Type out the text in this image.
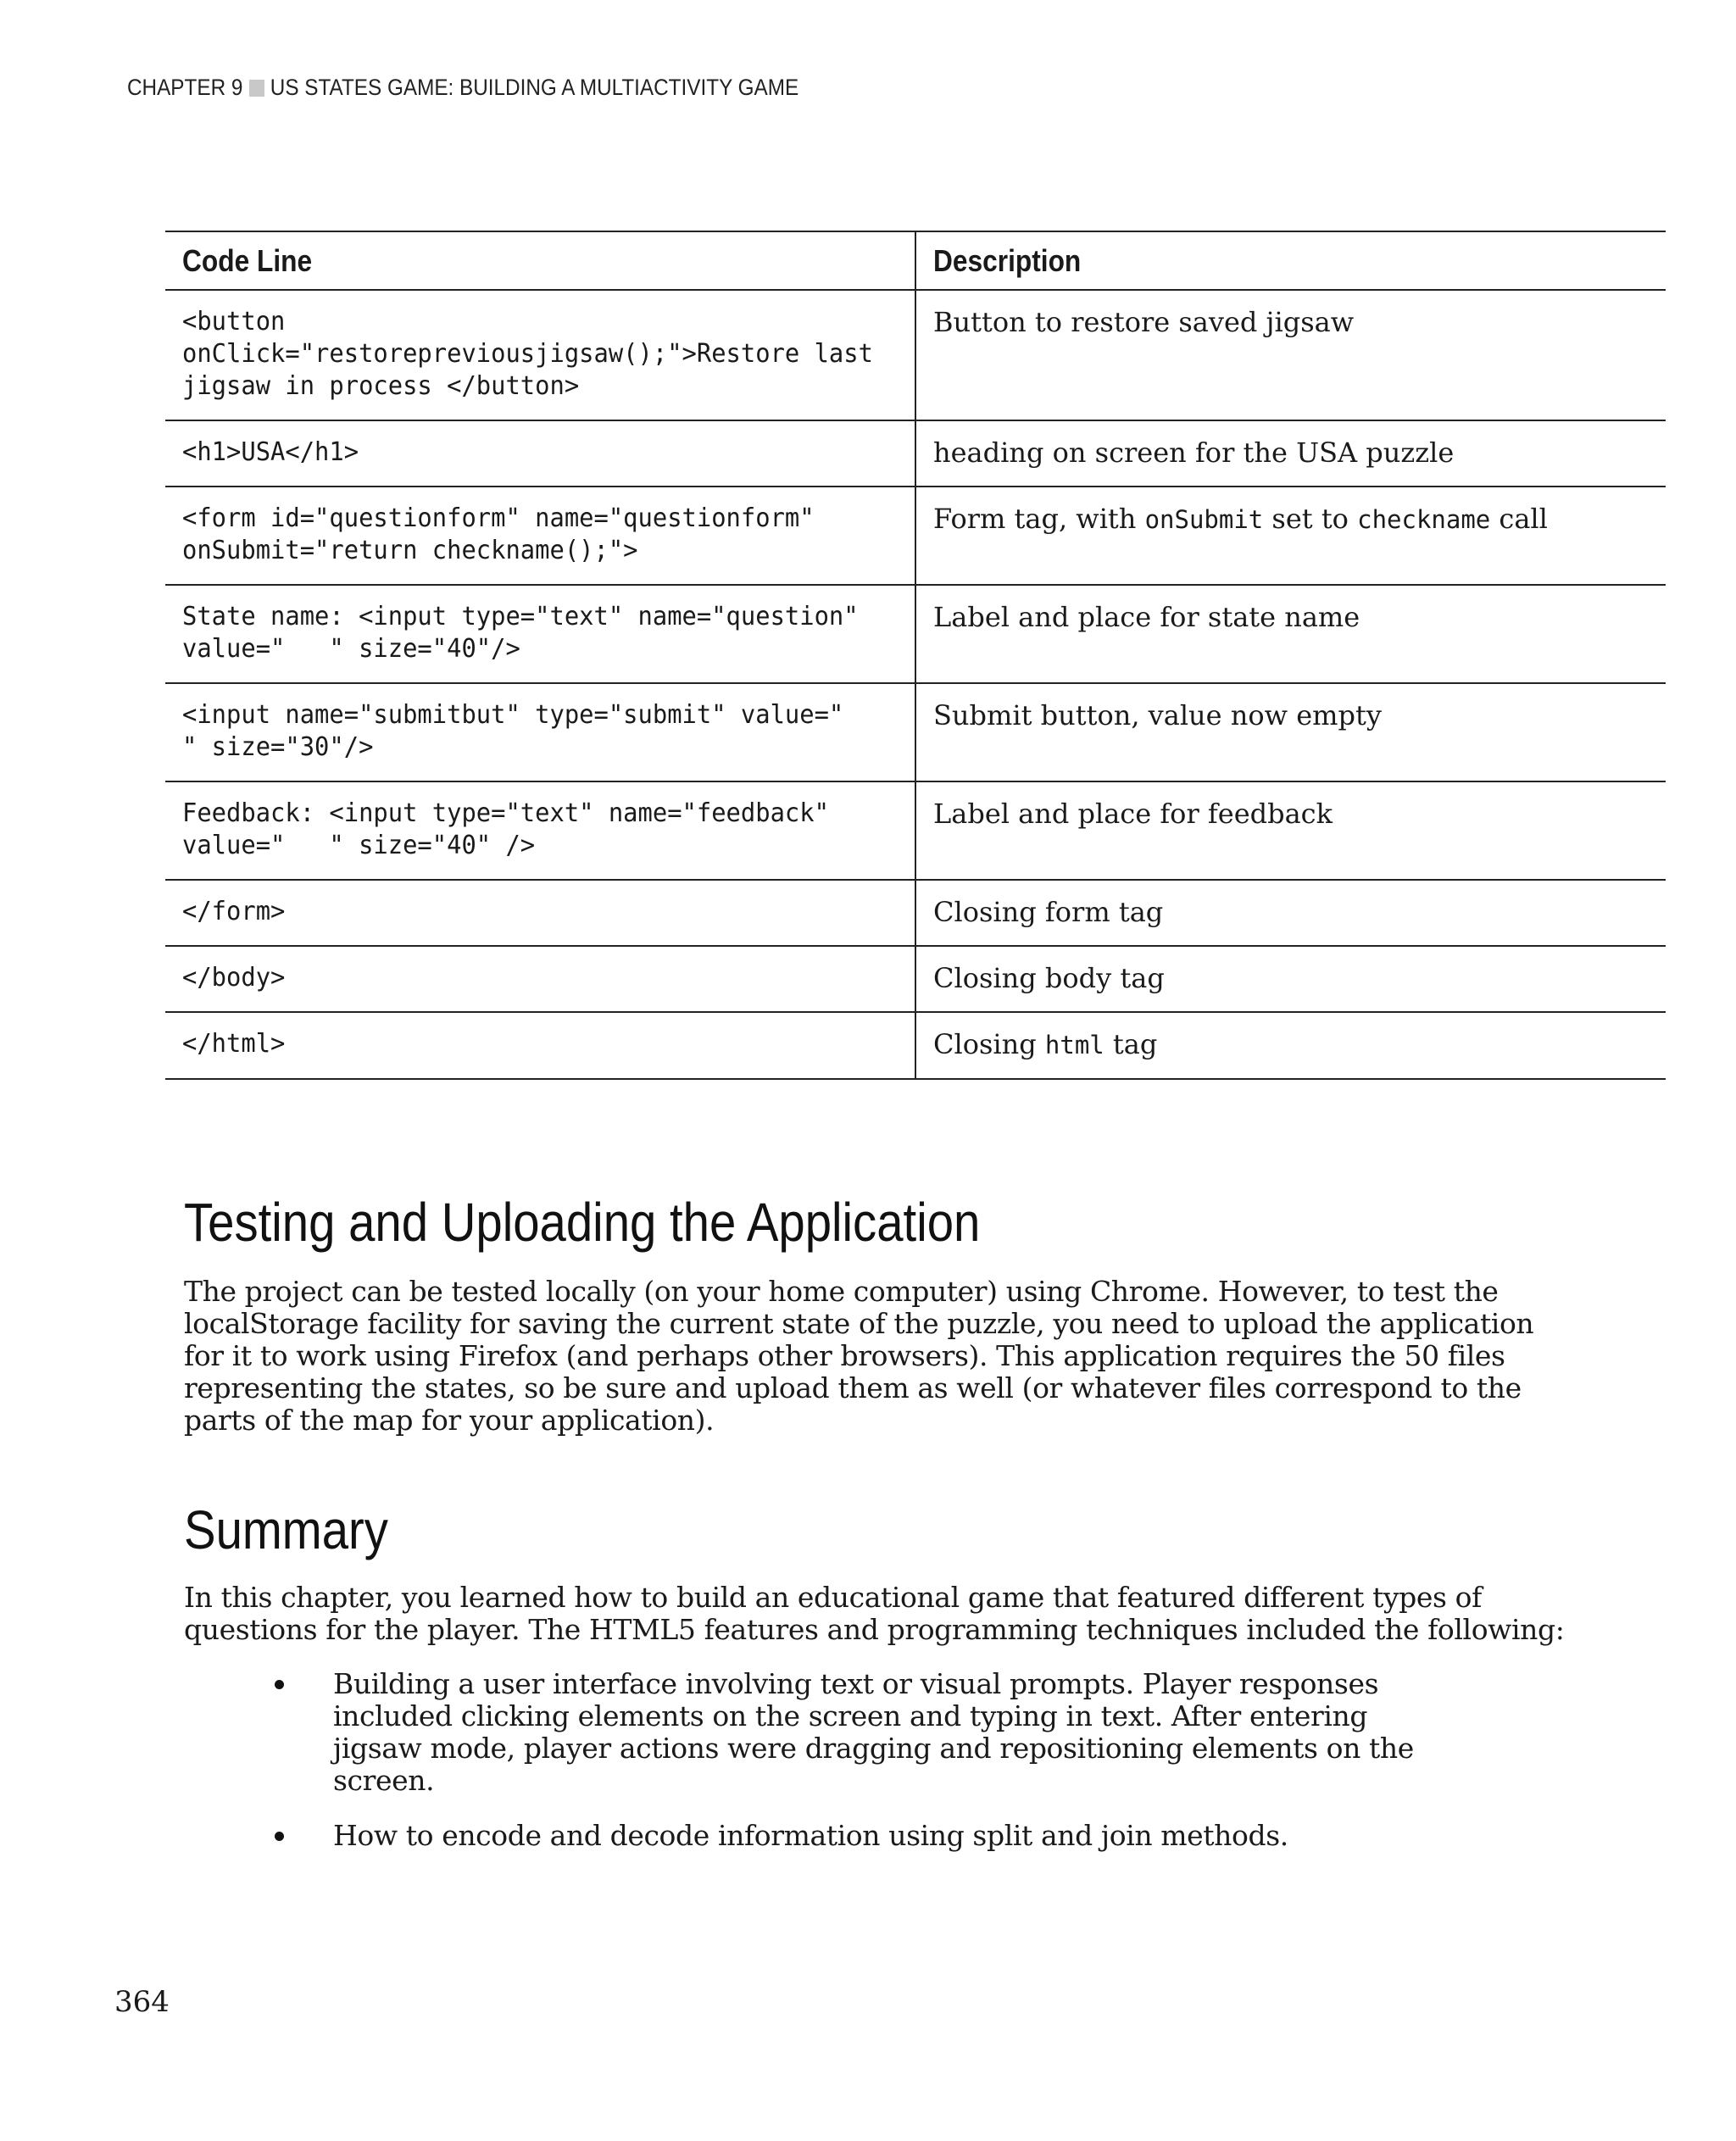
CHAPTER 9 US STATES GAME: BUILDING A MULTIACTIVITY GAME
Code Line	Description
<button
onClick="restorepreviousjigsaw();">Restore last
jigsaw in process </button>	Button to restore saved jigsaw
<h1>USA</h1>	heading on screen for the USA puzzle
<form id="questionform" name="questionform"
onSubmit="return checkname();">	Form tag, with onSubmit set to checkname call
State name: <input type="text" name="question"
value="   " size="40"/>	Label and place for state name
<input name="submitbut" type="submit" value="
" size="30"/>	Submit button, value now empty
Feedback: <input type="text" name="feedback"
value="   " size="40" />	Label and place for feedback
</form>	Closing form tag
</body>	Closing body tag
</html>	Closing html tag
Testing and Uploading the Application

The project can be tested locally (on your home computer) using Chrome. However, to test the localStorage facility for saving the current state of the puzzle, you need to upload the application for it to work using Firefox (and perhaps other browsers). This application requires the 50 files representing the states, so be sure and upload them as well (or whatever files correspond to the parts of the map for your application).

Summary

In this chapter, you learned how to build an educational game that featured different types of questions for the player. The HTML5 features and programming techniques included the following:

Building a user interface involving text or visual prompts. Player responses included clicking elements on the screen and typing in text. After entering jigsaw mode, player actions were dragging and repositioning elements on the screen.
How to encode and decode information using split and join methods.
364
